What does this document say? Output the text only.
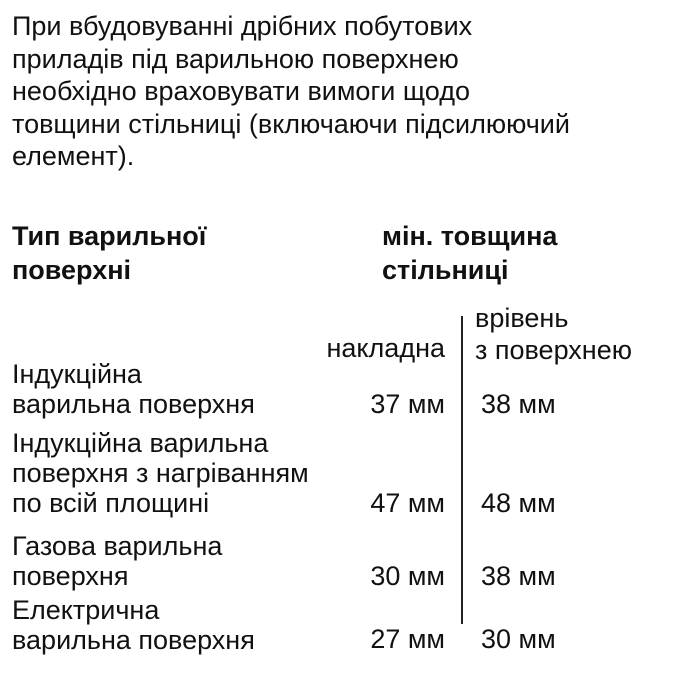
При вбудовуванні дрібних побутових
приладів під варильною поверхнею
необхідно враховувати вимоги щодо
товщини стільниці (включаючи підсилюючий
елемент).
Тип варильної
поверхні
мін. товщина
стільниці
накладна
врівень
з поверхнею
Індукційна
варильна поверхня	37 мм 38 мм
Індукційна варильна
поверхня з нагріванням
по всій площині	47 мм 48 мм
Газова варильна
поверхня	30 мм 38 мм
Електрична
варильна поверхня	27 мм 30 мм
